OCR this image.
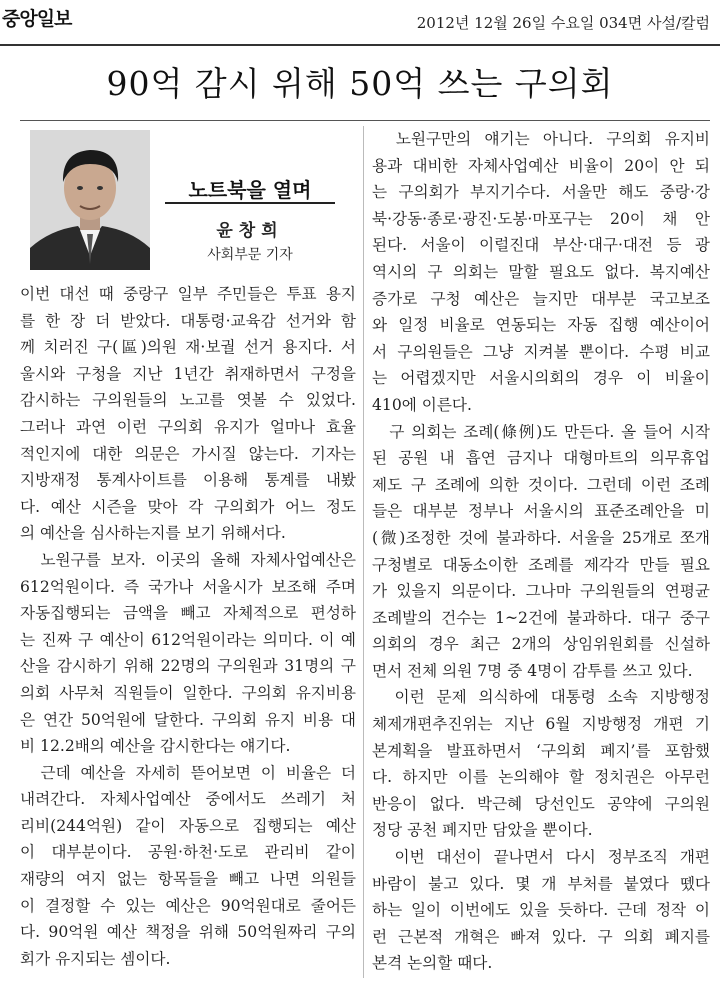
중앙일보	2012년 12월 26일 수요일 034면 사설/칼럼
90억 감시 위해 50억 쓰는 구의회
노트북을 열며
윤창희
사회부문 기자
이번 대선 때 중랑구 일부 주민들은 투표 용지
를 한 장 더 받았다. 대통령·교육감 선거와 함
께 치러진 구(區)의원 재·보궐 선거 용지다. 서
울시와 구청을 지난 1년간 취재하면서 구정을
감시하는 구의원들의 노고를 엿볼 수 있었다.
그러나 과연 이런 구의회 유지가 얼마나 효율
적인지에 대한 의문은 가시질 않는다. 기자는
지방재정 통계사이트를 이용해 통계를 내봤
다. 예산 시즌을 맞아 각 구의회가 어느 정도
의 예산을 심사하는지를 보기 위해서다.
　노원구를 보자. 이곳의 올해 자체사업예산은
612억원이다. 즉 국가나 서울시가 보조해 주며
자동집행되는 금액을 빼고 자체적으로 편성하
는 진짜 구 예산이 612억원이라는 의미다. 이 예
산을 감시하기 위해 22명의 구의원과 31명의 구
의회 사무처 직원들이 일한다. 구의회 유지비용
은 연간 50억원에 달한다. 구의회 유지 비용 대
비 12.2배의 예산을 감시한다는 얘기다.
　근데 예산을 자세히 뜯어보면 이 비율은 더
내려간다. 자체사업예산 중에서도 쓰레기 처
리비(244억원) 같이 자동으로 집행되는 예산
이 대부분이다. 공원·하천·도로 관리비 같이
재량의 여지 없는 항목들을 빼고 나면 의원들
이 결정할 수 있는 예산은 90억원대로 줄어든
다. 90억원 예산 책정을 위해 50억원짜리 구의
회가 유지되는 셈이다.
　노원구만의 얘기는 아니다. 구의회 유지비
용과 대비한 자체사업예산 비율이 20이 안 되
는 구의회가 부지기수다. 서울만 해도 중랑·강
북·강동·종로·광진·도봉·마포구는 20이 채 안
된다. 서울이 이럴진대 부산·대구·대전 등 광
역시의 구 의회는 말할 필요도 없다. 복지예산
증가로 구청 예산은 늘지만 대부분 국고보조
와 일정 비율로 연동되는 자동 집행 예산이어
서 구의원들은 그냥 지켜볼 뿐이다. 수평 비교
는 어렵겠지만 서울시의회의 경우 이 비율이
410에 이른다.
　구 의회는 조례(條例)도 만든다. 올 들어 시작
된 공원 내 흡연 금지나 대형마트의 의무휴업
제도 구 조례에 의한 것이다. 그런데 이런 조례
들은 대부분 정부나 서울시의 표준조례안을 미
(微)조정한 것에 불과하다. 서울을 25개로 쪼개
구청별로 대동소이한 조례를 제각각 만들 필요
가 있을지 의문이다. 그나마 구의원들의 연평균
조례발의 건수는 1~2건에 불과하다. 대구 중구
의회의 경우 최근 2개의 상임위원회를 신설하
면서 전체 의원 7명 중 4명이 감투를 쓰고 있다.
　이런 문제 의식하에 대통령 소속 지방행정
체제개편추진위는 지난 6월 지방행정 개편 기
본계획을 발표하면서 ‘구의회 폐지’를 포함했
다. 하지만 이를 논의해야 할 정치권은 아무런
반응이 없다. 박근혜 당선인도 공약에 구의원
정당 공천 폐지만 담았을 뿐이다.
　이번 대선이 끝나면서 다시 정부조직 개편
바람이 불고 있다. 몇 개 부처를 붙였다 뗐다
하는 일이 이번에도 있을 듯하다. 근데 정작 이
런 근본적 개혁은 빠져 있다. 구 의회 폐지를
본격 논의할 때다.
